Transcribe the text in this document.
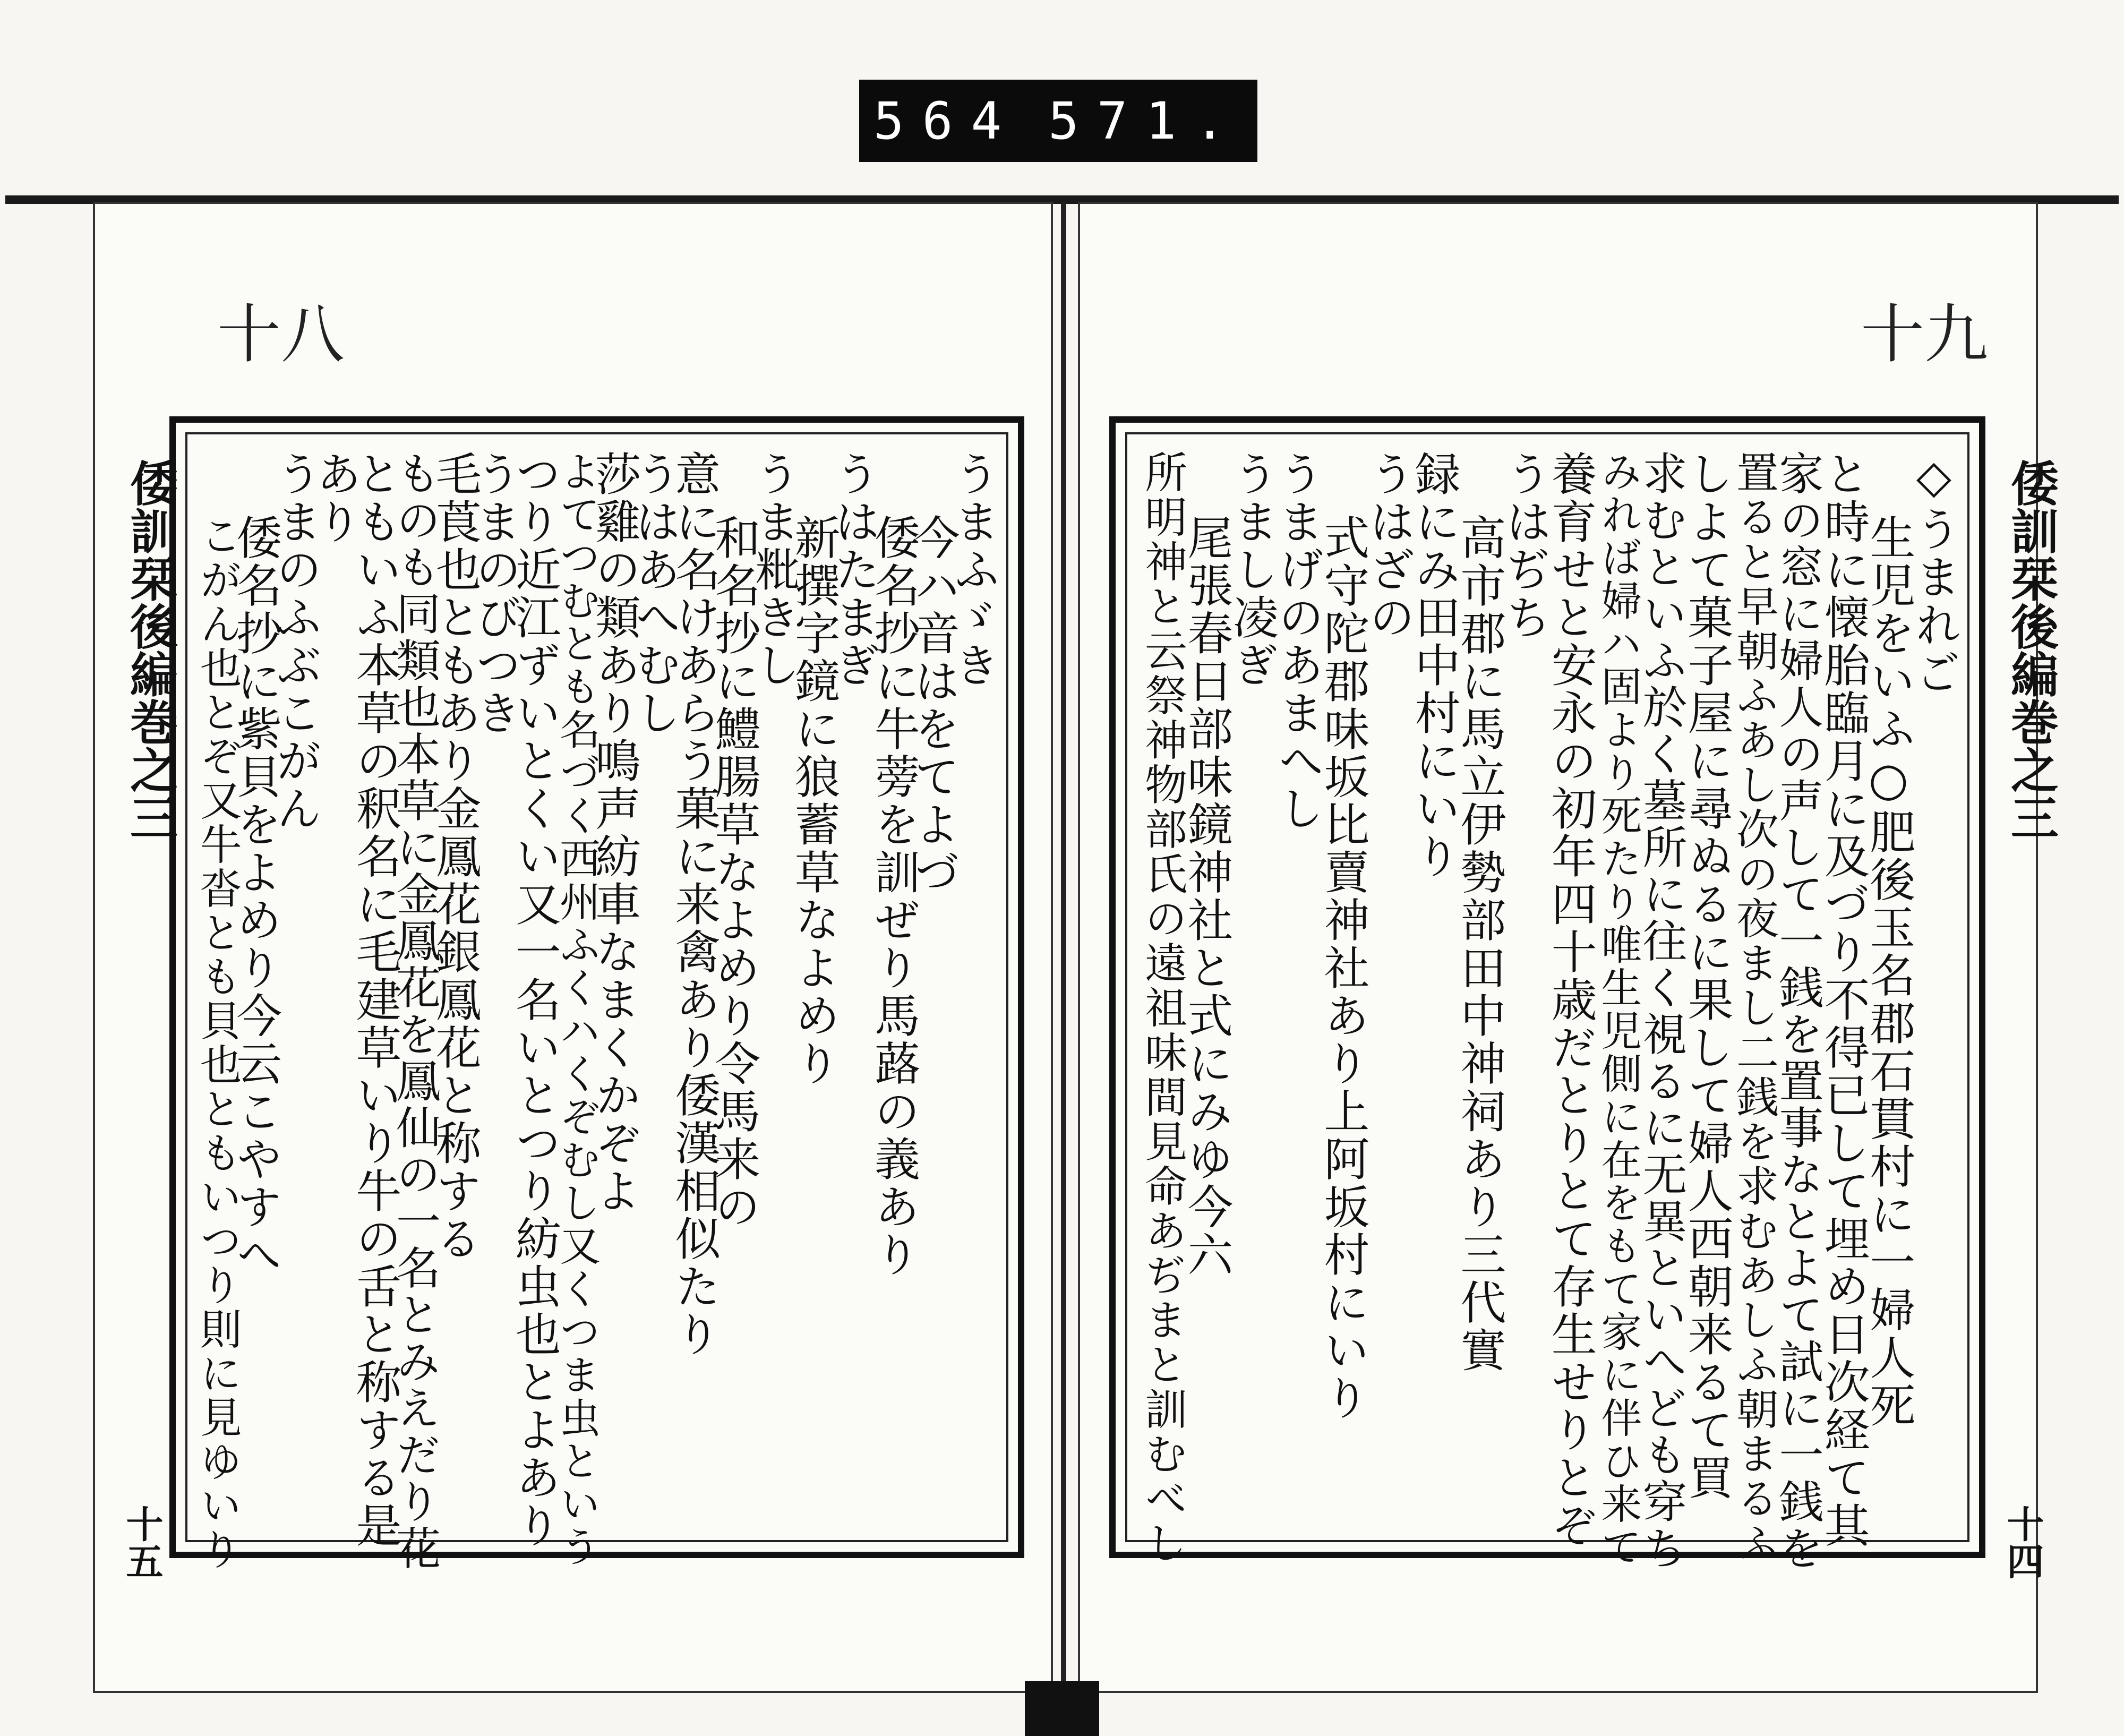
564 571.
十八
倭訓栞後編巻之三
十五
うまふゞき
今ハ音はをてよづ
倭名抄に牛蒡を訓ぜり馬蕗の義あり
うはたまぎ
新撰字鏡に狼蓄草なよめり
うま粃きし
和名抄に鱧腸草なよめり令馬来の
意に名けあらう菓に来禽あり倭漢相似たり
うはあへむし
莎雞の類あり鳴声紡車なまくかぞよ
よてつむとも名づく西州ふくハくぞむし又くつま虫という
つり近江ずいとくい又一名いとつり紡虫也とよあり
うまのびつき
毛莨也ともあり金鳳花銀鳳花と称する
ものも同類也本草に金鳳花を鳳仙の一名とみえだり花
ともいふ本草の釈名に毛建草いり牛の舌と称する是
あり
うまのふぶこがん
倭名抄に紫貝をよめり今云こやすへ
こがん也とぞ又牛沓とも貝也ともいつり則に見ゆいり
十九
倭訓栞後編巻之三
十四
◇うまれご
生児をいふ○肥後玉名郡石貫村に一婦人死
と時に懐胎臨月に及づり不得已して埋め日次経て其
家の窓に婦人の声して一銭を置事なとよて試に一銭を
置ると早朝ふあし次の夜まし二銭を求むあしふ朝まるふ
しよて菓子屋に尋ぬるに果して婦人西朝来るて買
求むといふ於く墓所に往く視るに无異といへども穿ち
みれば婦ハ固より死たり唯生児側に在をもて家に伴ひ来て
養育せと安永の初年四十歳だとりとて存生せりとぞ
うはぢち
高市郡に馬立伊勢部田中神祠あり三代實
録にみ田中村にいり
うはざの
式守陀郡味坂比賣神社あり上阿坂村にいり
うまげのあまへし
うまし凌ぎ
尾張春日部味鏡神社と式にみゆ今六
所明神と云祭神物部氏の遠祖味間見命あぢまと訓むべし
